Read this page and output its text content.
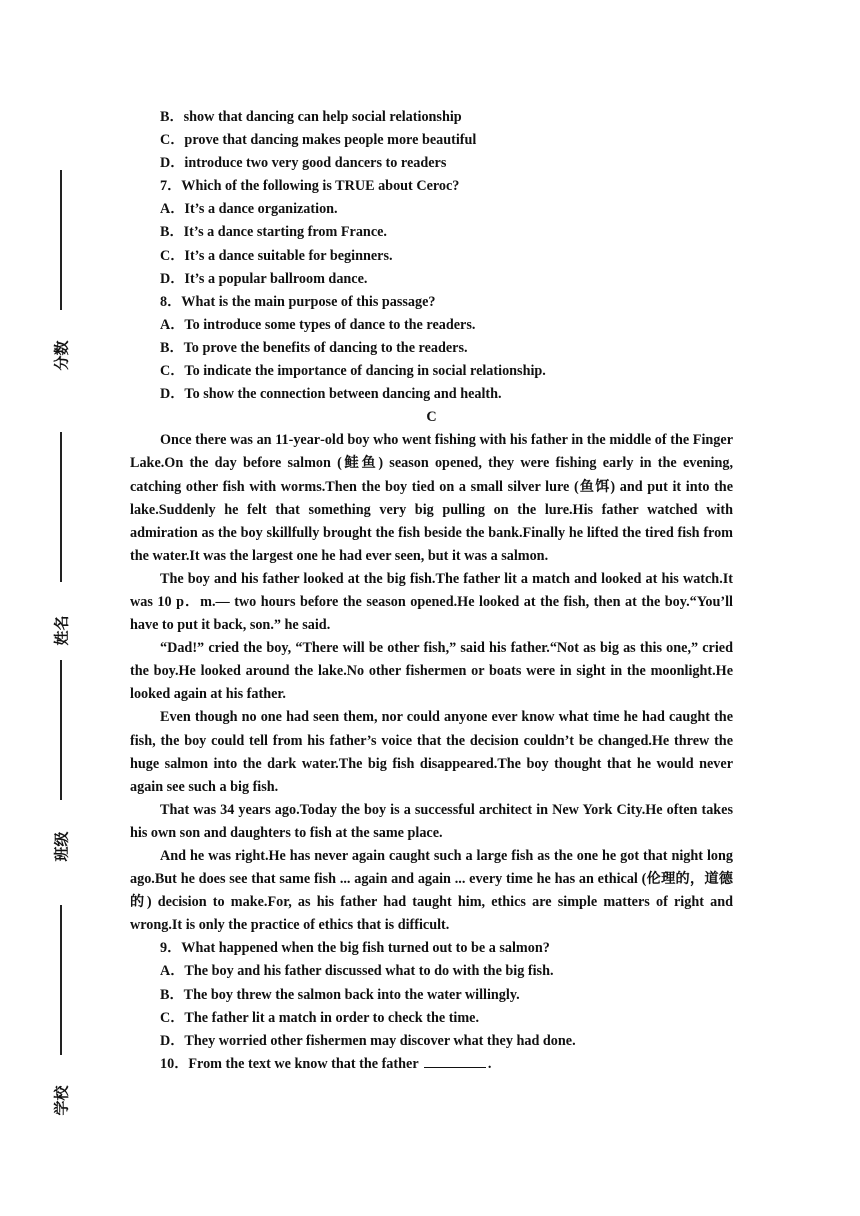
分数
姓名
班级
学校
B．show that dancing can help social relationship
C．prove that dancing makes people more beautiful
D．introduce two very good dancers to readers
7．Which of the following is TRUE about Ceroc?
A．It’s a dance organization.
B．It’s a dance starting from France.
C．It’s a dance suitable for beginners.
D．It’s a popular ballroom dance.
8．What is the main purpose of this passage?
A．To introduce some types of dance to the readers.
B．To prove the benefits of dancing to the readers.
C．To indicate the importance of dancing in social relationship.
D．To show the connection between dancing and health.
C

Once there was an 11‑year‑old boy who went fishing with his father in the middle of the Finger Lake.On the day before salmon (鲑鱼) season opened, they were fishing early in the evening, catching other fish with worms.Then the boy tied on a small silver lure (鱼饵) and put it into the lake.Suddenly he felt that something very big pulling on the lure.His father watched with admiration as the boy skillfully brought the fish beside the bank.Finally he lifted the tired fish from the water.It was the largest one he had ever seen, but it was a salmon.

The boy and his father looked at the big fish.The father lit a match and looked at his watch.It was 10 p．m.— two hours before the season opened.He looked at the fish, then at the boy.“You’ll have to put it back, son.” he said.

“Dad!” cried the boy, “There will be other fish,” said his father.“Not as big as this one,” cried the boy.He looked around the lake.No other fishermen or boats were in sight in the moonlight.He looked again at his father.

Even though no one had seen them, nor could anyone ever know what time he had caught the fish, the boy could tell from his father’s voice that the decision couldn’t be changed.He threw the huge salmon into the dark water.The big fish disappeared.The boy thought that he would never again see such a big fish.

That was 34 years ago.Today the boy is a successful architect in New York City.He often takes his own son and daughters to fish at the same place.

And he was right.He has never again caught such a large fish as the one he got that night long ago.But he does see that same fish ... again and again ... every time he has an ethical (伦理的，道德的) decision to make.For, as his father had taught him, ethics are simple matters of right and wrong.It is only the practice of ethics that is difficult.

9．What happened when the big fish turned out to be a salmon?
A．The boy and his father discussed what to do with the big fish.
B．The boy threw the salmon back into the water willingly.
C．The father lit a match in order to check the time.
D．They worried other fishermen may discover what they had done.
10．From the text we know that the father	.
